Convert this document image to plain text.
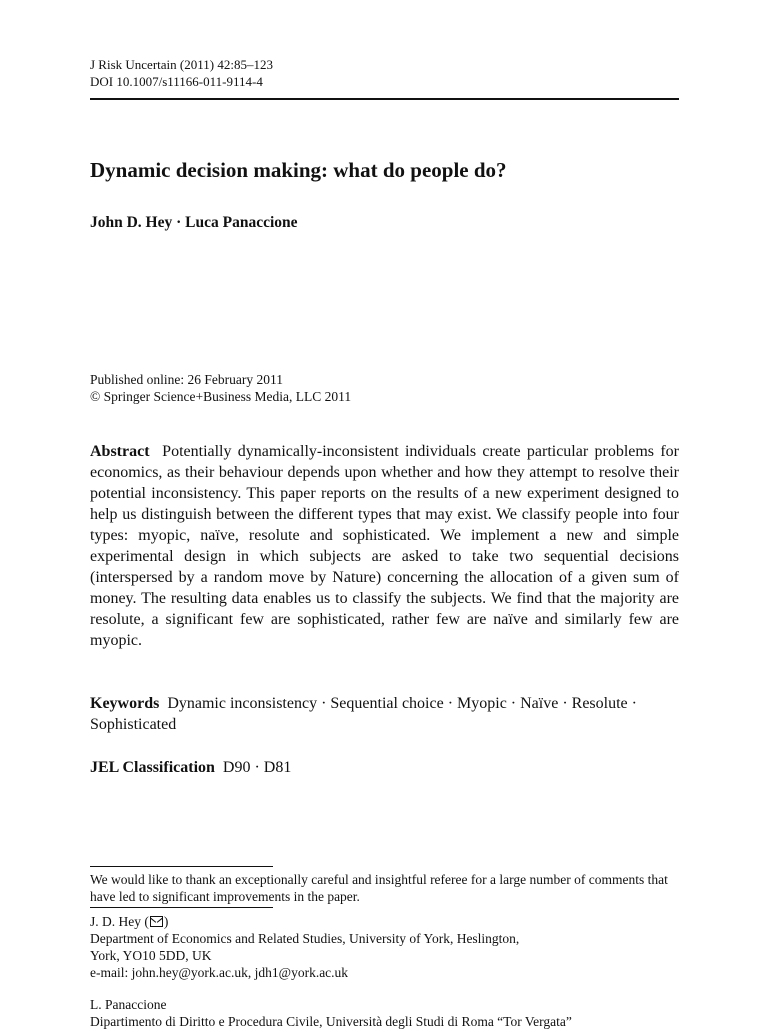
J Risk Uncertain (2011) 42:85–123
DOI 10.1007/s11166-011-9114-4
Dynamic decision making: what do people do?
John D. Hey · Luca Panaccione
Published online: 26 February 2011
© Springer Science+Business Media, LLC 2011

Abstract Potentially dynamically-inconsistent individuals create particular problems for economics, as their behaviour depends upon whether and how they attempt to resolve their potential inconsistency. This paper reports on the results of a new experiment designed to help us distinguish between the different types that may exist. We classify people into four types: myopic, naïve, resolute and sophisticated. We implement a new and simple experimental design in which subjects are asked to take two sequential decisions (interspersed by a random move by Nature) concerning the allocation of a given sum of money. The resulting data enables us to classify the subjects. We find that the majority are resolute, a significant few are sophisticated, rather few are naïve and similarly few are myopic.

Keywords Dynamic inconsistency · Sequential choice · Myopic · Naïve · Resolute · Sophisticated

JEL Classification D90 · D81

We would like to thank an exceptionally careful and insightful referee for a large number of comments that have led to significant improvements in the paper.

J. D. Hey ( )
Department of Economics and Related Studies, University of York, Heslington,
York, YO10 5DD, UK
e-mail: john.hey@york.ac.uk, jdh1@york.ac.uk
L. Panaccione
Dipartimento di Diritto e Procedura Civile, Università degli Studi di Roma “Tor Vergata”
